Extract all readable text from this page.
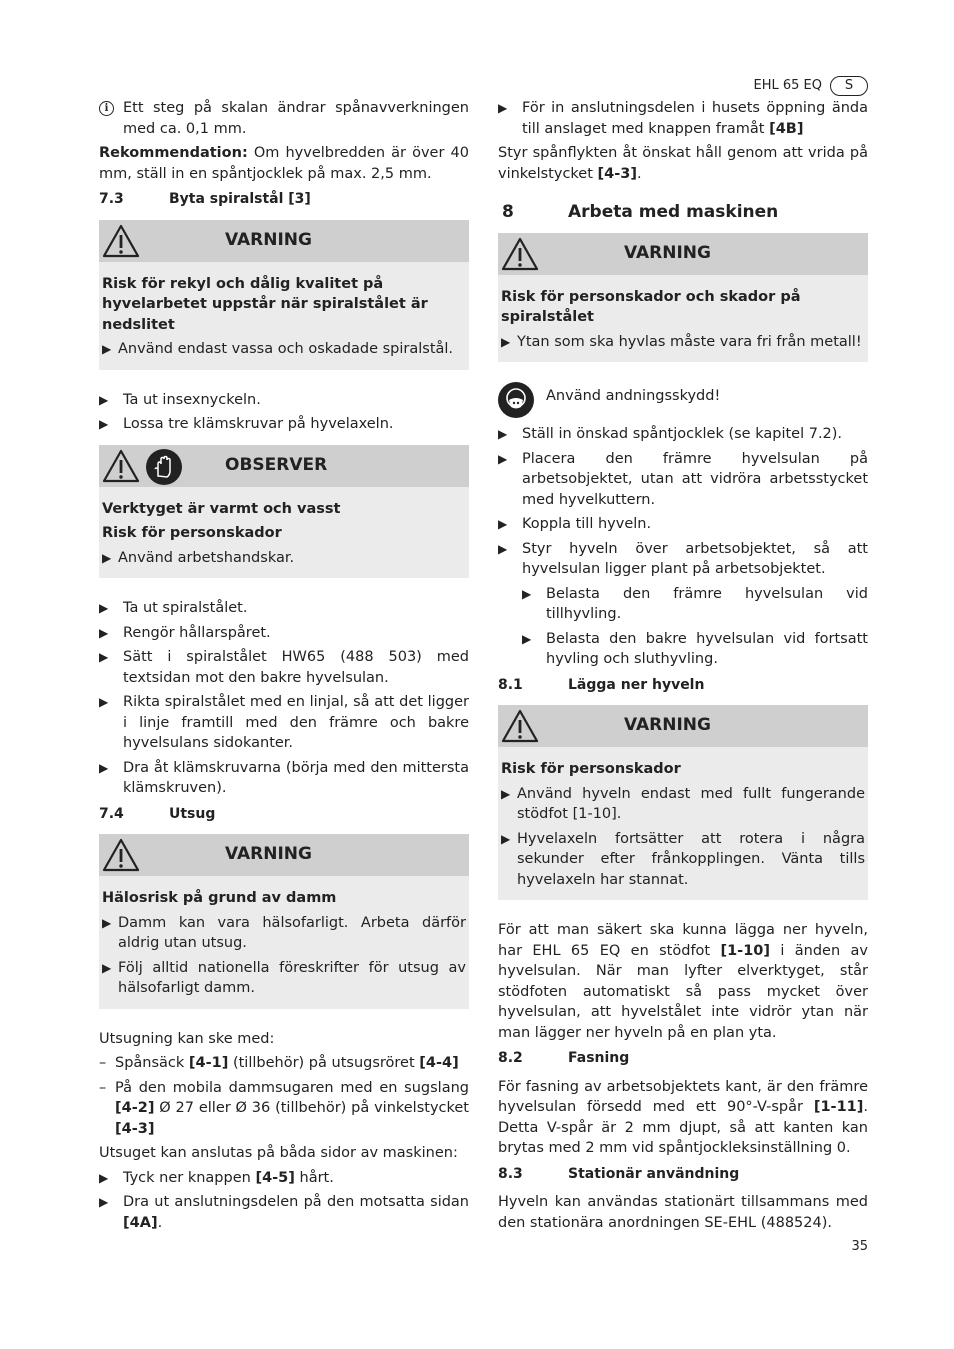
EHL 65 EQ	S

i	Ett steg på skalan ändrar spånavverkningen med ca. 0,1 mm.

Rekommendation: Om hyvelbredden är över 40 mm, ställ in en spåntjocklek på max. 2,5 mm.

7.3	Byta spiralstål [3]
VARNING
Risk för rekyl och dålig kvalitet på hyvelarbetet uppstår när spiralstålet är nedslitet
▶ Använd endast vassa och oskadade spiralstål.
▶ Ta ut insexnyckeln.
▶ Lossa tre klämskruvar på hyvelaxeln.
OBSERVER
Verktyget är varmt och vasst
Risk för personskador
▶ Använd arbetshandskar.
▶ Ta ut spiralstålet.
▶ Rengör hållarspåret.
▶ Sätt i spiralstålet HW65 (488 503) med textsidan mot den bakre hyvelsulan.
▶ Rikta spiralstålet med en linjal, så att det ligger i linje framtill med den främre och bakre hyvelsulans sidokanter.
▶ Dra åt klämskruvarna (börja med den mittersta klämskruven).
7.4	Utsug
VARNING
Hälosrisk på grund av damm
▶ Damm kan vara hälsofarligt. Arbeta därför aldrig utan utsug.
▶ Följ alltid nationella föreskrifter för utsug av hälsofarligt damm.

Utsugning kan ske med:

– Spånsäck [4-1] (tillbehör) på utsugsröret [4-4]
– På den mobila dammsugaren med en sugslang [4-2] Ø 27 eller Ø 36 (tillbehör) på vinkelstycket [4-3]

Utsuget kan anslutas på båda sidor av maskinen:

▶ Tyck ner knappen [4-5] hårt.
▶ Dra ut anslutningsdelen på den motsatta sidan [4A].
▶ För in anslutningsdelen i husets öppning ända till anslaget med knappen framåt [4B]

Styr spånflykten åt önskat håll genom att vrida på vinkelstycket [4-3].

8	Arbeta med maskinen
VARNING
Risk för personskador och skador på spiralstålet
▶ Ytan som ska hyvlas måste vara fri från metall!
Använd andningsskydd!
▶ Ställ in önskad spåntjocklek (se kapitel 7.2).
▶ Placera den främre hyvelsulan på arbetsobjektet, utan att vidröra arbetsstycket med hyvelkuttern.
▶ Koppla till hyveln.
▶ Styr hyveln över arbetsobjektet, så att hyvelsulan ligger plant på arbetsobjektet.
▶ Belasta den främre hyvelsulan vid tillhyvling.
▶ Belasta den bakre hyvelsulan vid fortsatt hyvling och sluthyvling.
8.1	Lägga ner hyveln
VARNING
Risk för personskador
▶ Använd hyveln endast med fullt fungerande stödfot [1-10].
▶ Hyvelaxeln fortsätter att rotera i några sekunder efter frånkopplingen. Vänta tills hyvelaxeln har stannat.

För att man säkert ska kunna lägga ner hyveln, har EHL 65 EQ en stödfot [1-10] i änden av hyvelsulan. När man lyfter elverktyget, står stödfoten automatiskt så pass mycket över hyvelsulan, att hyvelstålet inte vidrör ytan när man lägger ner hyveln på en plan yta.

8.2	Fasning

För fasning av arbetsobjektets kant, är den främre hyvelsulan försedd med ett 90°-V-spår [1-11]. Detta V-spår är 2 mm djupt, så att kanten kan brytas med 2 mm vid spåntjockleksinställning 0.

8.3	Stationär användning

Hyveln kan användas stationärt tillsammans med den stationära anordningen SE-EHL (488524).

35
